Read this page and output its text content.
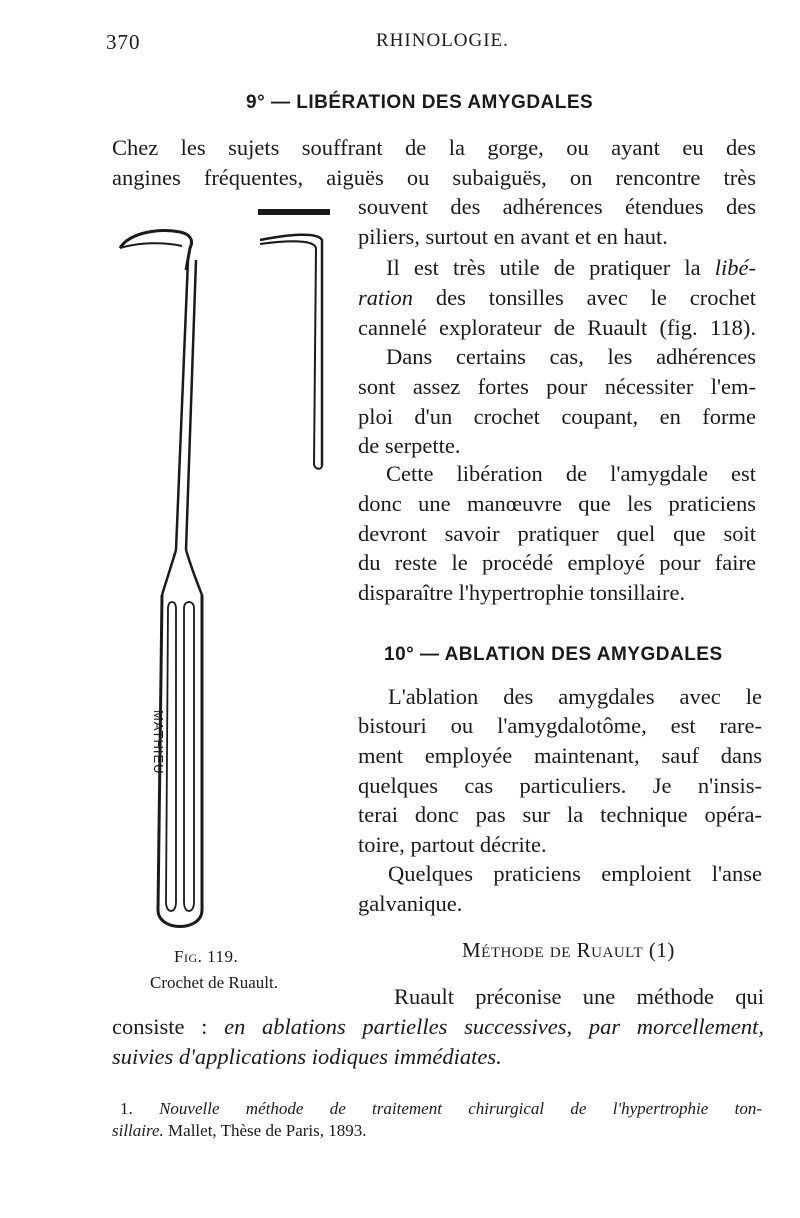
370	RHINOLOGIE.
9° — LIBÉRATION DES AMYGDALES
Chez les sujets souffrant de la gorge, ou ayant eu des
angines fréquentes, aiguës ou subaiguës, on rencontre très
souvent des adhérences étendues des
piliers, surtout en avant et en haut.
Il est très utile de pratiquer la libé-
ration des tonsilles avec le crochet
cannelé explorateur de Ruault (fig. 118).
Dans certains cas, les adhérences
sont assez fortes pour nécessiter l'em-
ploi d'un crochet coupant, en forme
de serpette.
Cette libération de l'amygdale est
donc une manœuvre que les praticiens
devront savoir pratiquer quel que soit
du reste le procédé employé pour faire
disparaître l'hypertrophie tonsillaire.
10° — ABLATION DES AMYGDALES
L'ablation des amygdales avec le
bistouri ou l'amygdalotôme, est rare-
ment employée maintenant, sauf dans
quelques cas particuliers. Je n'insis-
terai donc pas sur la technique opéra-
toire, partout décrite.
Quelques praticiens emploient l'anse
galvanique.
Méthode de Ruault (1)
Ruault préconise une méthode qui
consiste : en ablations partielles successives, par morcellement,
suivies d'applications iodiques immédiates.
MATHIEU
Fig. 119.
Crochet de Ruault.
1. Nouvelle méthode de traitement chirurgical de l'hypertrophie ton-
sillaire. Mallet, Thèse de Paris, 1893.
